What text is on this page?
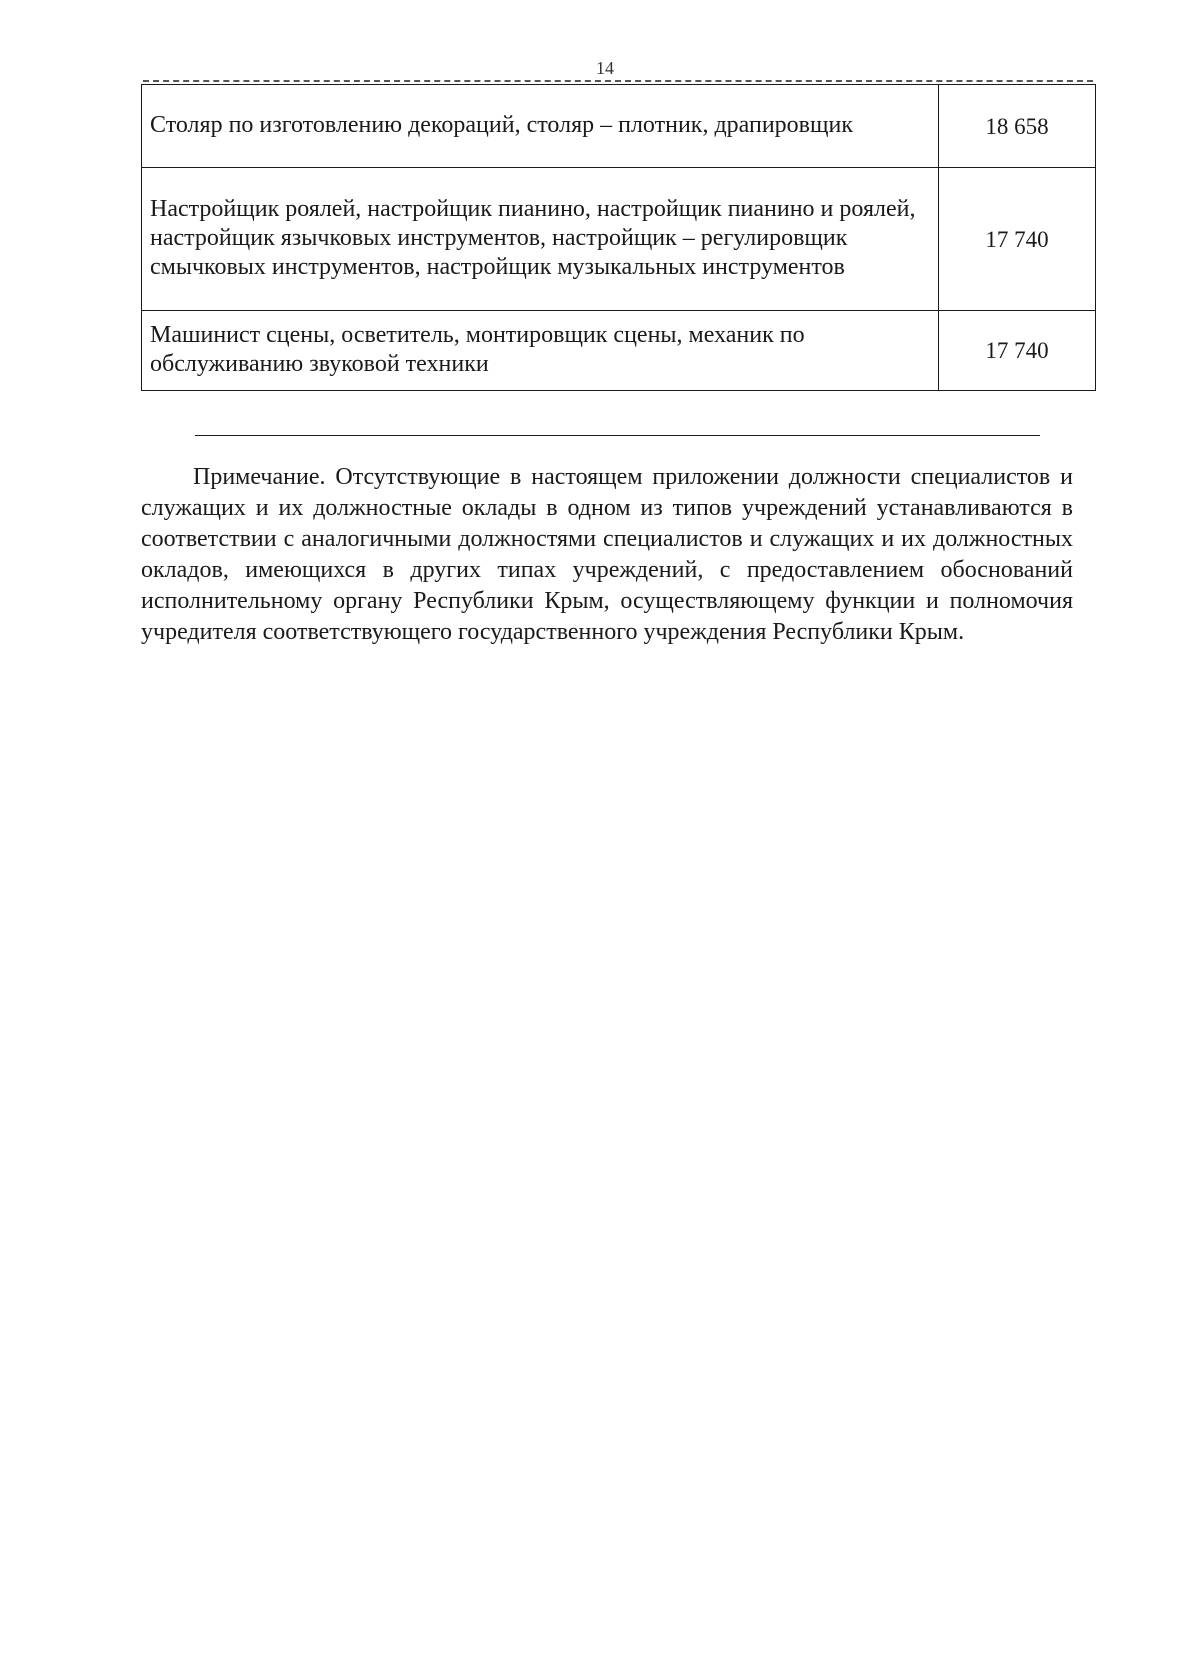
14
Столяр по изготовлению декораций, столяр – плотник, драпировщик	18 658
Настройщик роялей, настройщик пианино, настройщик пианино и роялей, настройщик язычковых инструментов, настройщик – регулировщик смычковых инструментов, настройщик музыкальных инструментов	17 740
Машинист сцены, осветитель, монтировщик сцены, механик по обслуживанию звуковой техники	17 740

Примечание. Отсутствующие в настоящем приложении должности специалистов и служащих и их должностные оклады в одном из типов учреждений устанавливаются в соответствии с аналогичными должностями специалистов и служащих и их должностных окладов, имеющихся в других типах учреждений, с предоставлением обоснований исполнительному органу Республики Крым, осуществляющему функции и полномочия учредителя соответствующего государственного учреждения Республики Крым.
